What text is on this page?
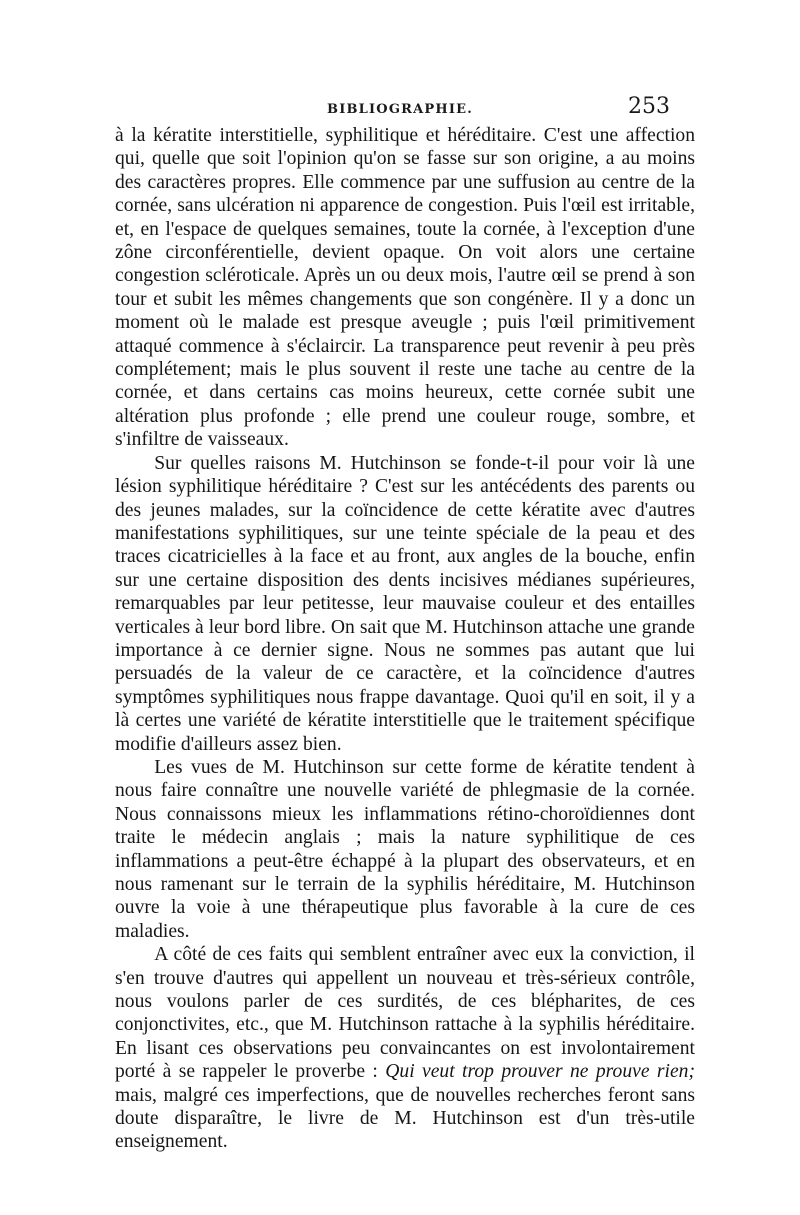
BIBLIOGRAPHIE.	253

à la kératite interstitielle, syphilitique et héréditaire. C'est une affection qui, quelle que soit l'opinion qu'on se fasse sur son origine, a au moins des caractères propres. Elle commence par une suffusion au centre de la cornée, sans ulcération ni apparence de congestion. Puis l'œil est irritable, et, en l'espace de quelques semaines, toute la cornée, à l'exception d'une zône circonférentielle, devient opaque. On voit alors une certaine congestion scléroticale. Après un ou deux mois, l'autre œil se prend à son tour et subit les mêmes changements que son congénère. Il y a donc un moment où le malade est presque aveugle ; puis l'œil primitivement attaqué commence à s'éclaircir. La transparence peut revenir à peu près complétement; mais le plus souvent il reste une tache au centre de la cornée, et dans certains cas moins heureux, cette cornée subit une altération plus profonde ; elle prend une couleur rouge, sombre, et s'infiltre de vaisseaux.

Sur quelles raisons M. Hutchinson se fonde-t-il pour voir là une lésion syphilitique héréditaire ? C'est sur les antécédents des parents ou des jeunes malades, sur la coïncidence de cette kératite avec d'autres manifestations syphilitiques, sur une teinte spéciale de la peau et des traces cicatricielles à la face et au front, aux angles de la bouche, enfin sur une certaine disposition des dents incisives médianes supérieures, remarquables par leur petitesse, leur mauvaise couleur et des entailles verticales à leur bord libre. On sait que M. Hutchinson attache une grande importance à ce dernier signe. Nous ne sommes pas autant que lui persuadés de la valeur de ce caractère, et la coïncidence d'autres symptômes syphilitiques nous frappe davantage. Quoi qu'il en soit, il y a là certes une variété de kératite interstitielle que le traitement spécifique modifie d'ailleurs assez bien.

Les vues de M. Hutchinson sur cette forme de kératite tendent à nous faire connaître une nouvelle variété de phlegmasie de la cornée. Nous connaissons mieux les inflammations rétino-choroïdiennes dont traite le médecin anglais ; mais la nature syphilitique de ces inflammations a peut-être échappé à la plupart des observateurs, et en nous ramenant sur le terrain de la syphilis héréditaire, M. Hutchinson ouvre la voie à une thérapeutique plus favorable à la cure de ces maladies.

A côté de ces faits qui semblent entraîner avec eux la conviction, il s'en trouve d'autres qui appellent un nouveau et très-sérieux contrôle, nous voulons parler de ces surdités, de ces blépharites, de ces conjonctivites, etc., que M. Hutchinson rattache à la syphilis héréditaire. En lisant ces observations peu convaincantes on est involontairement porté à se rappeler le proverbe : Qui veut trop prouver ne prouve rien; mais, malgré ces imperfections, que de nouvelles recherches feront sans doute disparaître, le livre de M. Hutchinson est d'un très-utile enseignement.
